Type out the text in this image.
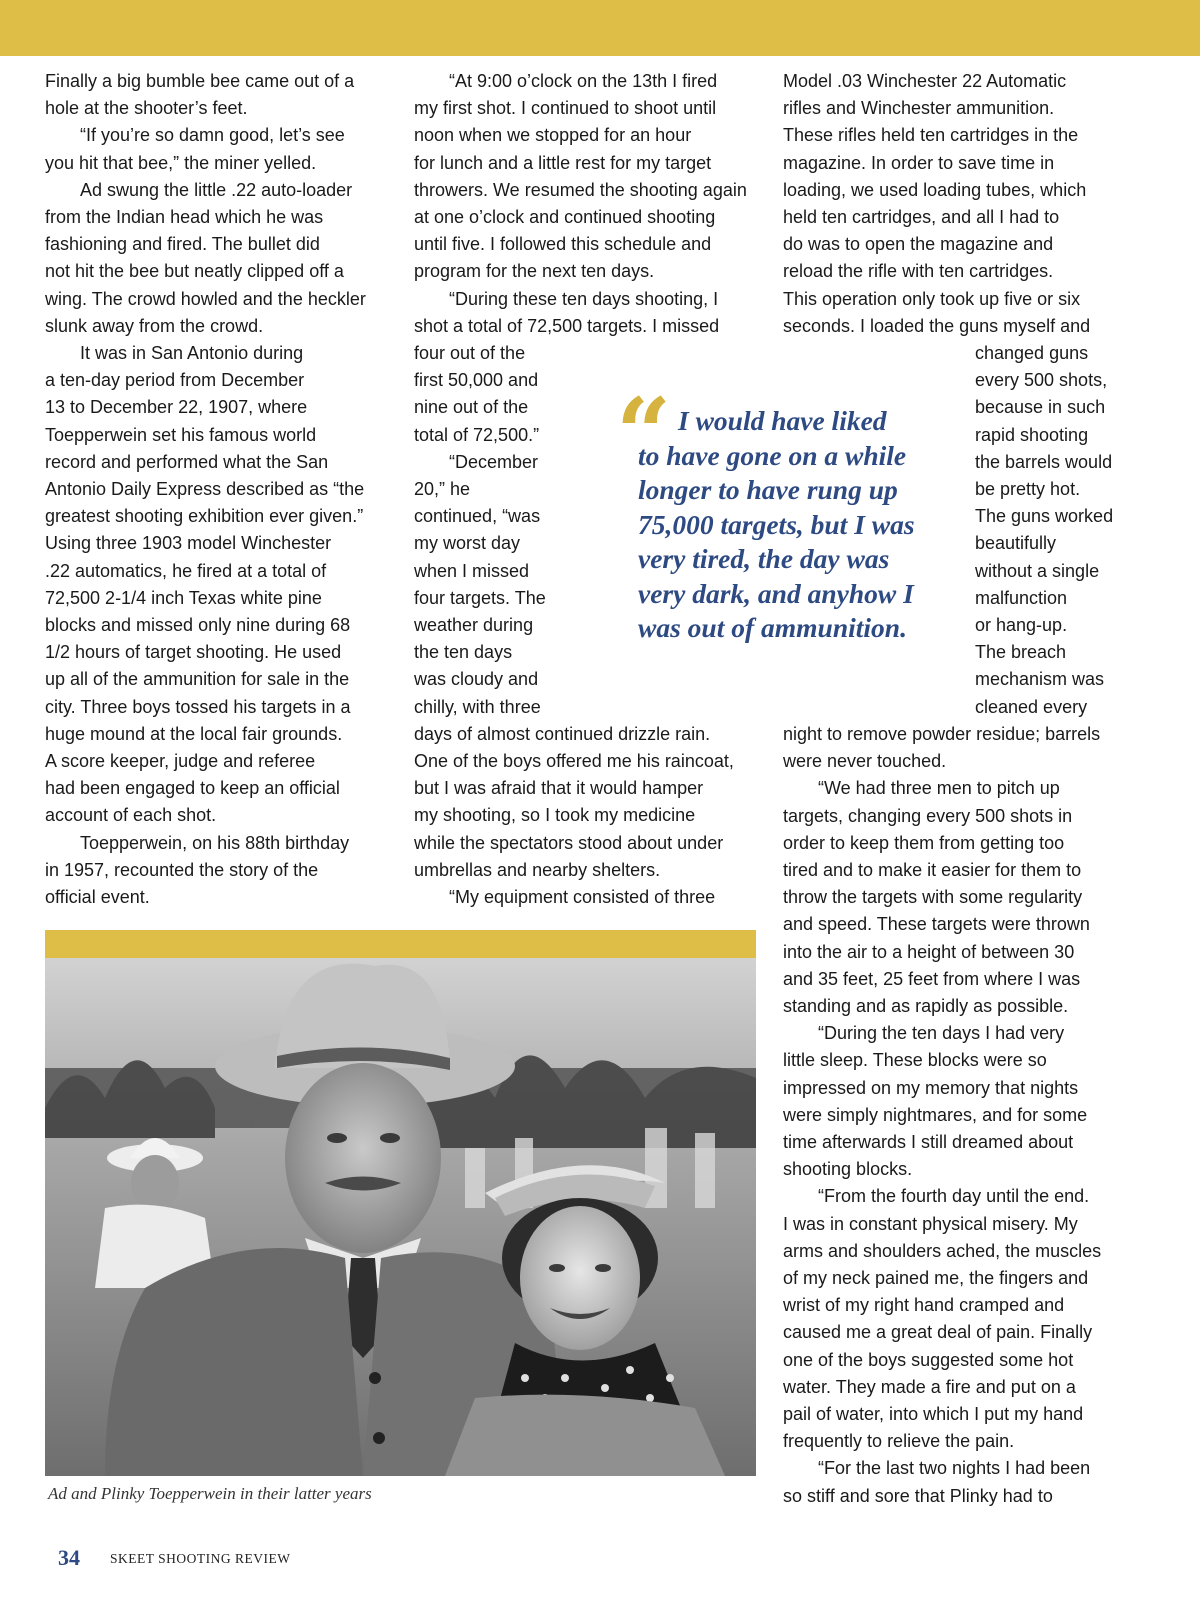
Finally a big bumble bee came out of a
hole at the shooter’s feet.
“If you’re so damn good, let’s see
you hit that bee,” the miner yelled.
Ad swung the little .22 auto-loader
from the Indian head which he was
fashioning and fired. The bullet did
not hit the bee but neatly clipped off a
wing. The crowd howled and the heckler
slunk away from the crowd.
It was in San Antonio during
a ten-day period from December
13 to December 22, 1907, where
Toepperwein set his famous world
record and performed what the San
Antonio Daily Express described as “the
greatest shooting exhibition ever given.”
Using three 1903 model Winchester
.22 automatics, he fired at a total of
72,500 2-1/4 inch Texas white pine
blocks and missed only nine during 68
1/2 hours of target shooting. He used
up all of the ammunition for sale in the
city. Three boys tossed his targets in a
huge mound at the local fair grounds.
A score keeper, judge and referee
had been engaged to keep an official
account of each shot.
Toepperwein, on his 88th birthday
in 1957, recounted the story of the
official event.
“At 9:00 o’clock on the 13th I fired
my first shot. I continued to shoot until
noon when we stopped for an hour
for lunch and a little rest for my target
throwers. We resumed the shooting again
at one o’clock and continued shooting
until five. I followed this schedule and
program for the next ten days.
“During these ten days shooting, I
shot a total of 72,500 targets. I missed
four out of the
first 50,000 and
nine out of the
total of 72,500.”
“December
20,” he
continued, “was
my worst day
when I missed
four targets. The
weather during
the ten days
was cloudy and
chilly, with three
days of almost continued drizzle rain.
One of the boys offered me his raincoat,
but I was afraid that it would hamper
my shooting, so I took my medicine
while the spectators stood about under
umbrellas and nearby shelters.
“My equipment consisted of three
Model .03 Winchester 22 Automatic
rifles and Winchester ammunition.
These rifles held ten cartridges in the
magazine. In order to save time in
loading, we used loading tubes, which
held ten cartridges, and all I had to
do was to open the magazine and
reload the rifle with ten cartridges.
This operation only took up five or six
seconds. I loaded the guns myself and
changed guns
every 500 shots,
because in such
rapid shooting
the barrels would
be pretty hot.
The guns worked
beautifully
without a single
malfunction
or hang-up.
The breach
mechanism was
cleaned every
night to remove powder residue; barrels
were never touched.
“We had three men to pitch up
targets, changing every 500 shots in
order to keep them from getting too
tired and to make it easier for them to
throw the targets with some regularity
and speed. These targets were thrown
into the air to a height of between 30
and 35 feet, 25 feet from where I was
standing and as rapidly as possible.
“During the ten days I had very
little sleep. These blocks were so
impressed on my memory that nights
were simply nightmares, and for some
time afterwards I still dreamed about
shooting blocks.
“From the fourth day until the end.
I was in constant physical misery. My
arms and shoulders ached, the muscles
of my neck pained me, the fingers and
wrist of my right hand cramped and
caused me a great deal of pain. Finally
one of the boys suggested some hot
water. They made a fire and put on a
pail of water, into which I put my hand
frequently to relieve the pain.
“For the last two nights I had been
so stiff and sore that Plinky had to
“ I would have liked
to have gone on a while
longer to have rung up
75,000 targets, but I was
very tired, the day was
very dark, and anyhow I
was out of ammunition.
Ad and Plinky Toepperwein in their latter years
34 SKEET SHOOTING REVIEW
